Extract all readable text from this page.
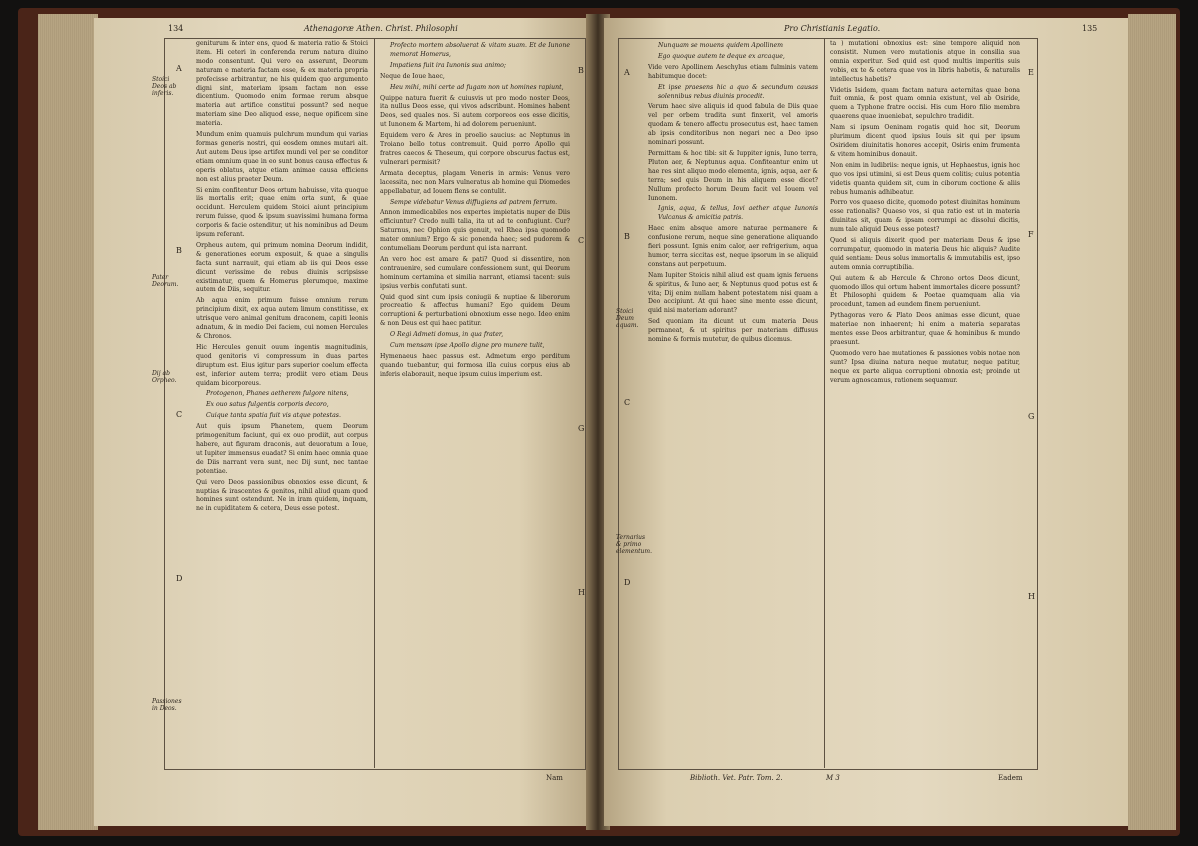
134	Athenagoræ Athen. Christ. Philosophi
A
B
C
D
B
C
G
H
Stoici Deos ab inferis.
Pater Deorum.
Dij ab Orpheo.
Passiones in Deos.

geniturum & inter ens, quod & materia ratio & Stoici item. Hi ceteri in conferenda rerum natura diuino modo consentunt. Qui vero ea asserunt, Deorum naturam e materia factam esse, & ex materia propria profecisse arbitrantur, ne his quidem quo argumento digni sint, materiam ipsam factam non esse dicentium. Quomodo enim formae rerum absque materia aut artifice constitui possunt? sed neque materiam sine Deo aliquod esse, neque opificem sine materia.

Mundum enim quamuis pulchrum mundum qui varias formas generis nostri, qui eosdem omnes mutari ait. Aut autem Deus ipse artifex mundi vel per se conditor etiam omnium quae in eo sunt bonus causa effectus & operis oblatus, atque etiam animae causa efficiens non est alius praeter Deum.

Si enim confitentur Deos ortum habuisse, vita quoque iis mortalis erit; quae enim orta sunt, & quae occidunt. Herculem quidem Stoici aiunt principium rerum fuisse, quod & ipsum suavissimi humana forma corporis & facie ostenditur, ut his nominibus ad Deum ipsum referant.

Orpheus autem, qui primum nomina Deorum indidit, & generationes eorum exposuit, & quae a singulis facta sunt narrauit, qui etiam ab iis qui Deos esse dicunt verissime de rebus diuinis scripsisse existimatur, quem & Homerus plerumque, maxime autem de Diis, sequitur.

Ab aqua enim primum fuisse omnium rerum principium dixit, ex aqua autem limum constitisse, ex utrisque vero animal genitum draconem, capiti leonis adnatum, & in medio Dei faciem, cui nomen Hercules & Chronos.

Hic Hercules genuit ouum ingentis magnitudinis, quod genitoris vi compressum in duas partes diruptum est. Eius igitur pars superior coelum effecta est, inferior autem terra; prodiit vero etiam Deus quidam bicorporeus.

Protogenon, Phanes aetherem fulgore nitens,

Ex ouo satus fulgentis corporis decoro,

Cuique tanta spatia fuit vis atque potestas.

Aut quis ipsum Phanetem, quem Deorum primogenitum faciunt, qui ex ouo prodiit, aut corpus habere, aut figuram draconis, aut deuoratum a Ioue, ut Iupiter immensus euadat? Si enim haec omnia quae de Diis narrant vera sunt, nec Dij sunt, nec tantae potentiae.

Qui vero Deos passionibus obnoxios esse dicunt, & nuptias & irascentes & genitos, nihil aliud quam quod homines sunt ostendunt. Ne in iram quidem, inquam, ne in cupiditatem & cetera, Deus esse potest.

Profecto mortem absoluerat & vitam suam. Et de Iunone memorat Homerus,

Impatiens fuit ira Iunonis sua animo;

Neque de Ioue haec,

Heu mihi, mihi certe ad fugam non ut homines rapiunt,

Quippe natura fuerit & cuiusvis ut pro modo noster Deos, ita nullus Deos esse, qui vivos adscribunt. Homines habent Deos, sed quales nos. Si autem corporeos eos esse dicitis, ut Iunonem & Martem, hi ad dolorem perueniunt.

Equidem vero & Ares in proelio saucius: ac Neptunus in Troiano bello totus contremuit. Quid porro Apollo qui fratres caecos & Theseum, qui corpore obscurus factus est, vulnerari permisit?

Armata deceptus, plagam Veneris in armis: Venus vero lacessita, nec non Mars vulneratus ab homine qui Diomedes appellabatur, ad Iouem flens se contulit.

Sempe videbatur Venus diffugiens ad patrem ferrum.

Annon immedicabiles nos expertes impietatis nuper de Diis efficiuntur? Credo nulli talia, ita ut ad te confugiunt. Cur? Saturnus, nec Ophion quis genuit, vel Rhea ipsa quomodo mater omnium? Ergo & sic ponenda haec; sed pudorem & contumeliam Deorum perdunt qui ista narrant.

An vero hoc est amare & pati? Quod si dissentire, non contrauenire, sed cumulare confessionem sunt, qui Deorum hominum certamina et similia narrant, etiamsi tacent: suis ipsius verbis confutati sunt.

Quid quod sint cum ipsis coniugii & nuptiae & liberorum procreatio & affectus humani? Ego quidem Deum corruptioni & perturbationi obnoxium esse nego. Ideo enim & non Deus est qui haec patitur.

O Regi Admeti domus, in qua frater,

Cum mensam ipse Apollo digne pro munere tulit,

Hymenaeus haec passus est. Admetum ergo perditum quando tuebantur, qui formosa illa cuius corpus eius ab inferis elaborauit, neque ipsum cuius imperium est.

Nam
Pro Christianis Legatio.	135
A
B
C
D
E
F
G
H
Stoici Deum aquam.
Ternarius & primo elementum.

Nunquam se mouens quidem Apollinem

Ego quoque autem te deque ex arcaque,

Vide vero Apollinem Aeschylus etiam fulminis vatem habitumque docet:

Et ipse praesens hic a quo & secundum causas solennibus rebus diuinis procedit.

Verum haec sive aliquis id quod fabula de Diis quae vel per orbem tradita sunt finxerit, vel amoris quodam & tenero affectu prosecutus est, haec tamen ab ipsis conditoribus non negari nec a Deo ipso nominari possunt.

Permittam & hoc tibi: sit & Iuppiter ignis, Iuno terra, Pluton aer, & Neptunus aqua. Confiteantur enim ut hae res sint aliquo modo elementa, ignis, aqua, aer & terra; sed quis Deum in his aliquem esse dicet? Nullum profecto horum Deum facit vel Iouem vel Iunonem.

Ignis, aqua, & tellus, Iovi aether atque Iunonis Vulcanus & amicitia patris.

Haec enim absque amore naturae permanere & confusione rerum, neque sine generatione aliquando fieri possunt. Ignis enim calor, aer refrigerium, aqua humor, terra siccitas est, neque ipsorum in se aliquid constans aut perpetuum.

Nam Iupiter Stoicis nihil aliud est quam ignis feruens & spiritus, & Iuno aer, & Neptunus quod potus est & vita; Dij enim nullam habent potestatem nisi quam a Deo accipiunt. At qui haec sine mente esse dicunt, quid nisi materiam adorant?

Sed quoniam ita dicunt ut cum materia Deus permaneat, & ut spiritus per materiam diffusus nomine & formis mutetur, de quibus dicemus.

ta ) mutationi obnoxius est: sine tempore aliquid non consistit. Numen vero mutationis atque in consilia sua omnia experitur. Sed quid est quod multis imperitis suis vobis, ex te & cetera quae vos in libris habetis, & naturalis intellectus habetis?

Videtis Isidem, quam factam natura aeternitas quae bona fuit omnia, & post quam omnia existunt, vel ab Osiride, quem a Typhone fratre occisi. His cum Horo filio membra quaerens quae inueniebat, sepulchro tradidit.

Nam si ipsum Oeninam rogatis quid hoc sit, Deorum plurimum dicent quod ipsius Iouis sit qui per ipsum Osiridem diuinitatis honores accepit, Osiris enim frumenta & vitem hominibus donauit.

Non enim in ludibriis: neque ignis, ut Hephaestus, ignis hoc quo vos ipsi utimini, si est Deus quem colitis; cuius potentia videtis quanta quidem sit, cum in ciborum coctione & aliis rebus humanis adhibeatur.

Porro vos quaeso dicite, quomodo potest diuinitas hominum esse rationalis? Quaeso vos, si qua ratio est ut in materia diuinitas sit, quam & ipsam corrumpi ac dissolui dicitis, num tale aliquid Deus esse potest?

Quod si aliquis dixerit quod per materiam Deus & ipse corrumpatur, quomodo in materia Deus hic aliquis? Audite quid sentiam: Deus solus immortalis & immutabilis est, ipso autem omnia corruptibilia.

Qui autem & ab Hercule & Chrono ortos Deos dicunt, quomodo illos qui ortum habent immortales dicere possunt? Et Philosophi quidem & Poetae quamquam alia via procedunt, tamen ad eundem finem perueniunt.

Pythagoras vero & Plato Deos animas esse dicunt, quae materiae non inhaerent; hi enim a materia separatas mentes esse Deos arbitrantur, quae & hominibus & mundo praesunt.

Quomodo vero hae mutationes & passiones vobis notae non sunt? Ipsa diuina natura neque mutatur, neque patitur, neque ex parte aliqua corruptioni obnoxia est; proinde ut verum agnoscamus, rationem sequamur.

Biblioth. Vet. Patr. Tom. 2.	M 3	Eadem
